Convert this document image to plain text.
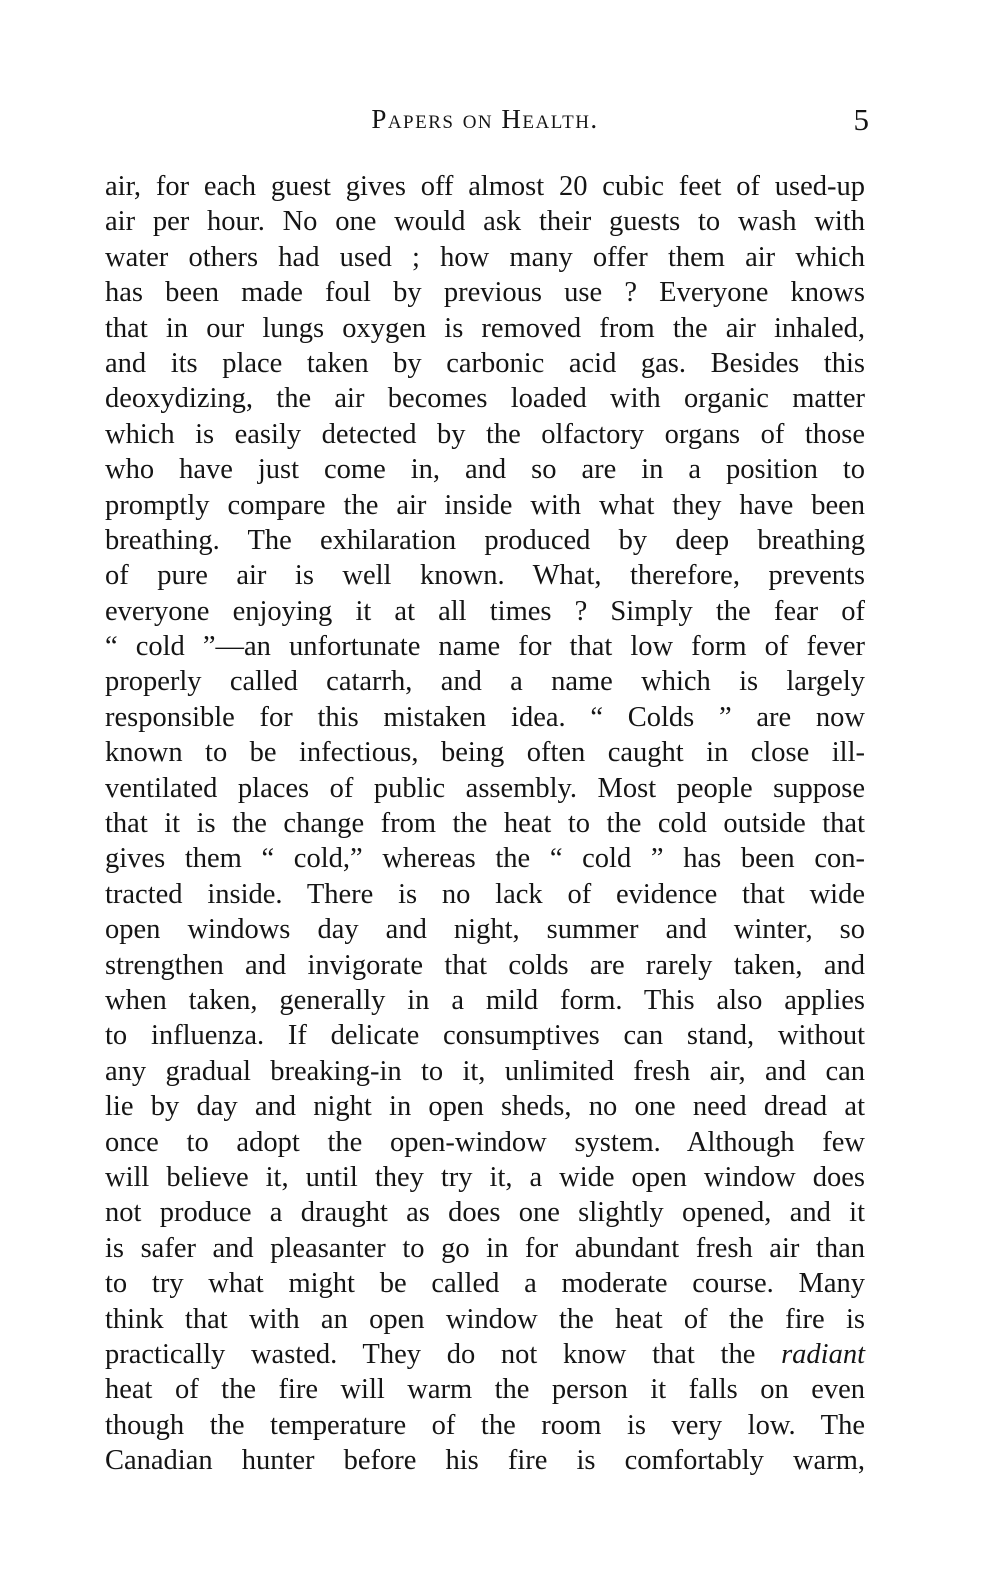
Papers on Health.	5
air, for each guest gives off almost 20 cubic feet of used-up
air per hour. No one would ask their guests to wash with
water others had used ; how many offer them air which
has been made foul by previous use ? Everyone knows
that in our lungs oxygen is removed from the air inhaled,
and its place taken by carbonic acid gas. Besides this
deoxydizing, the air becomes loaded with organic matter
which is easily detected by the olfactory organs of those
who have just come in, and so are in a position to
promptly compare the air inside with what they have been
breathing. The exhilaration produced by deep breathing
of pure air is well known. What, therefore, prevents
everyone enjoying it at all times ? Simply the fear of
“ cold ”—an unfortunate name for that low form of fever
properly called catarrh, and a name which is largely
responsible for this mistaken idea. “ Colds ” are now
known to be infectious, being often caught in close ill-
ventilated places of public assembly. Most people suppose
that it is the change from the heat to the cold outside that
gives them “ cold,” whereas the “ cold ” has been con-
tracted inside. There is no lack of evidence that wide
open windows day and night, summer and winter, so
strengthen and invigorate that colds are rarely taken, and
when taken, generally in a mild form. This also applies
to influenza. If delicate consumptives can stand, without
any gradual breaking-in to it, unlimited fresh air, and can
lie by day and night in open sheds, no one need dread at
once to adopt the open-window system. Although few
will believe it, until they try it, a wide open window does
not produce a draught as does one slightly opened, and it
is safer and pleasanter to go in for abundant fresh air than
to try what might be called a moderate course. Many
think that with an open window the heat of the fire is
practically wasted. They do not know that the radiant
heat of the fire will warm the person it falls on even
though the temperature of the room is very low. The
Canadian hunter before his fire is comfortably warm,
